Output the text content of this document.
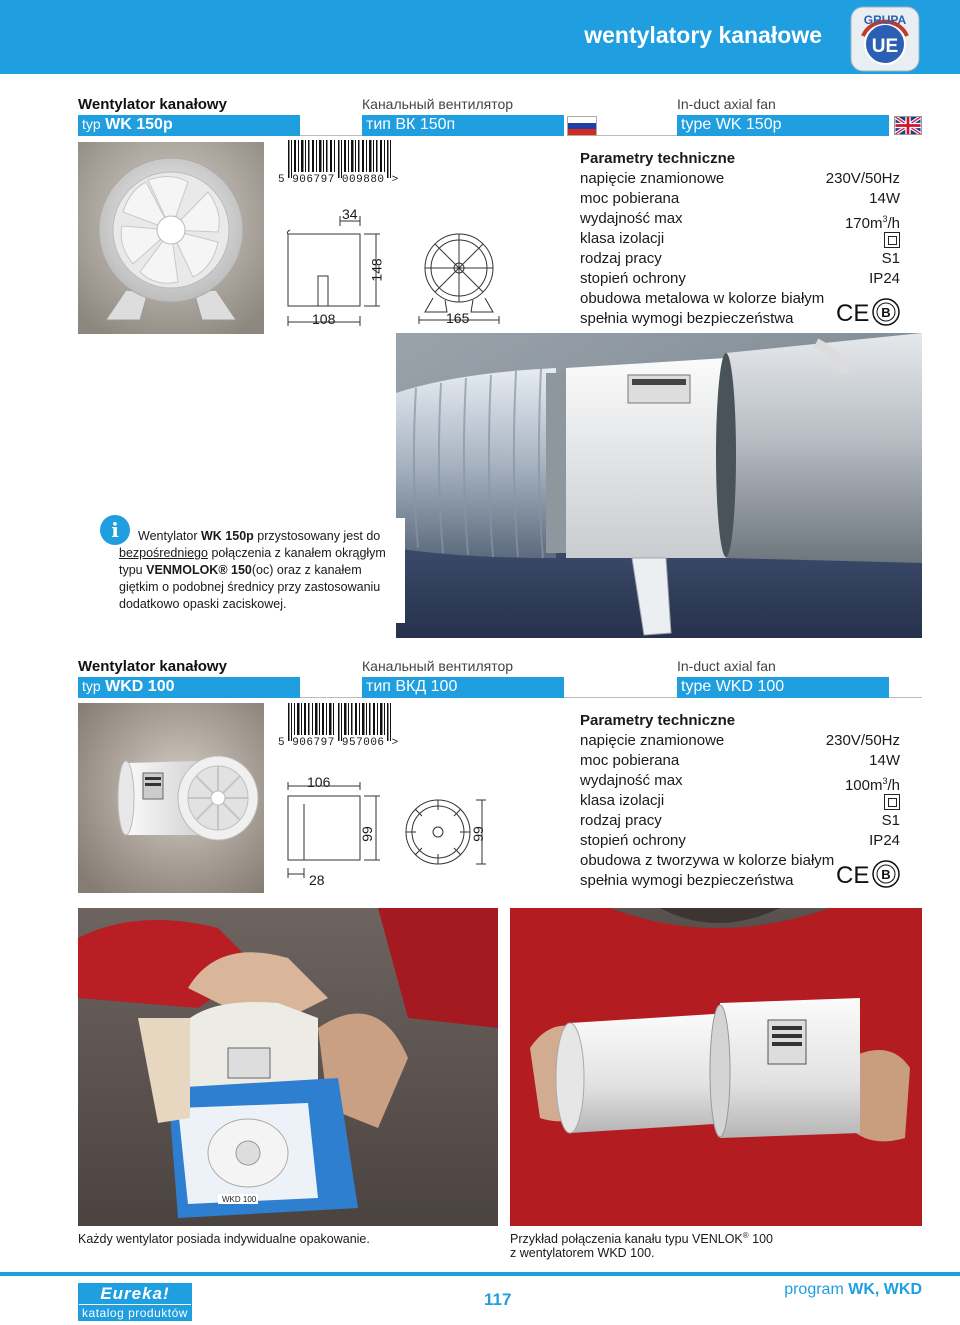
wentylatory kanałowe
GRUPA
UE
Wentylator kanałowy	Канальный вентилятор	In-duct axial fan
typ WK 150p	тип ВК 150п	type WK 150p
5 906797 009880 >
34
148
108	165
Parametry techniczne
napięcie znamionowe	230V/50Hz
moc pobierana	14W
wydajność max	$170m^3/h$
klasa izolacji
rodzaj pracy	S1
stopień ochrony	IP24
obudowa metalowa w kolorze białym
spełnia wymogi bezpieczeństwa CE B
i	Wentylator WK 150p przystosowany jest do
bezpośredniego połączenia z kanałem okrągłym
typu VENMOLOK® 150(oc) oraz z kanałem
giętkim o podobnej średnicy przy zastosowaniu
dodatkowo opaski zaciskowej.
Wentylator kanałowy	Канальный вентилятор	In-duct axial fan
typ WKD 100	тип ВКД 100	type WKD 100
5 906797 957006 >
106
99
28
99
Parametry techniczne
napięcie znamionowe	230V/50Hz
moc pobierana	14W
wydajność max	$100m^3/h$
klasa izolacji
rodzaj pracy	S1
stopień ochrony	IP24
obudowa z tworzywa w kolorze białym
spełnia wymogi bezpieczeństwa CE B
WKD 100
Każdy wentylator posiada indywidualne opakowanie.	Przykład połączenia kanału typu VENLOK® 100
z wentylatorem WKD 100.
Eureka!
katalog produktów
117
program WK, WKD
